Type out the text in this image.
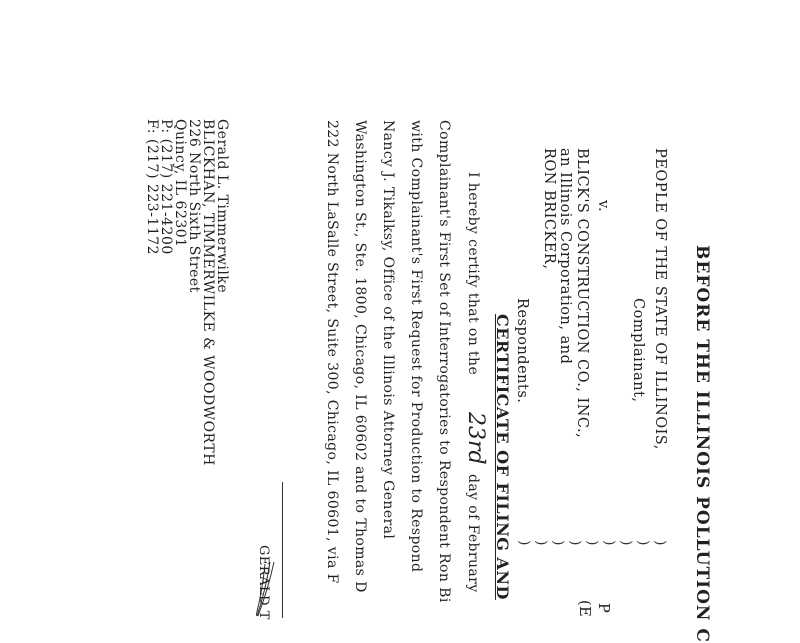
BEFORE THE ILLINOIS POLLUTION C
PEOPLE OF THE STATE OF ILLINOIS,
Complainant,
v.
BLICK'S CONSTRUCTION CO., INC.,
an Illinois Corporation, and
RON BRICKER,
Respondents.
)
)
)
)
)
)
)
)
)
P
(E
CERTIFICATE OF FILING AND
I hereby certify that on the
23rd
day of February
Complainant's First Set of Interrogatories to Respondent Ron Bi
with Complainant's First Request for Production to Respond
Nancy J. Tikalksy, Office of the Illinois Attorney General
Washington St., Ste. 1800, Chicago, IL 60602 and to Thomas D
222 North LaSalle Street, Suite 300, Chicago, IL 60601, via F
GERALD T
Gerald L. Timmerwilke
BLICKHAN, TIMMERWILKE & WOODWORTH
226 North Sixth Street
Quincy, IL 62301
P: (217) 221-4200
F: (217) 223-1172
